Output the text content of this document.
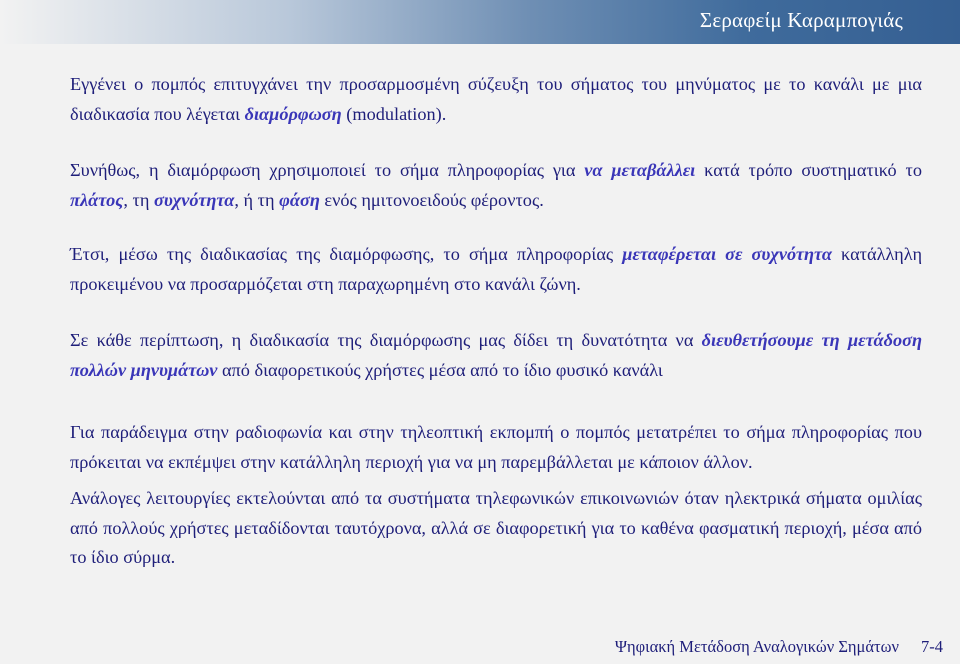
Σεραφείμ Καραμπογιάς

Εγγένει ο πομπός επιτυγχάνει την προσαρμοσμένη σύζευξη του σήματος του μηνύματος με το κανάλι με μια διαδικασία που λέγεται διαμόρφωση (modulation).

Συνήθως, η διαμόρφωση χρησιμοποιεί το σήμα πληροφορίας για να μεταβάλλει κατά τρόπο συστηματικό το πλάτος, τη συχνότητα, ή τη φάση ενός ημιτονοειδούς φέροντος.

Έτσι, μέσω της διαδικασίας της διαμόρφωσης, το σήμα πληροφορίας μεταφέρεται σε συχνότητα κατάλληλη προκειμένου να προσαρμόζεται στη παραχωρημένη στο κανάλι ζώνη.

Σε κάθε περίπτωση, η διαδικασία της διαμόρφωσης μας δίδει τη δυνατότητα να διευθετήσουμε τη μετάδοση πολλών μηνυμάτων από διαφορετικούς χρήστες μέσα από το ίδιο φυσικό κανάλι

Για παράδειγμα στην ραδιοφωνία και στην τηλεοπτική εκπομπή ο πομπός μετατρέπει το σήμα πληροφορίας που πρόκειται να εκπέμψει στην κατάλληλη περιοχή για να μη παρεμβάλλεται με κάποιον άλλον.

Ανάλογες λειτουργίες εκτελούνται από τα συστήματα τηλεφωνικών επικοινωνιών όταν ηλεκτρικά σήματα ομιλίας από πολλούς χρήστες μεταδίδονται ταυτόχρονα, αλλά σε διαφορετική για το καθένα φασματική περιοχή, μέσα από το ίδιο σύρμα.

Ψηφιακή Μετάδοση Αναλογικών Σημάτων 7-4
